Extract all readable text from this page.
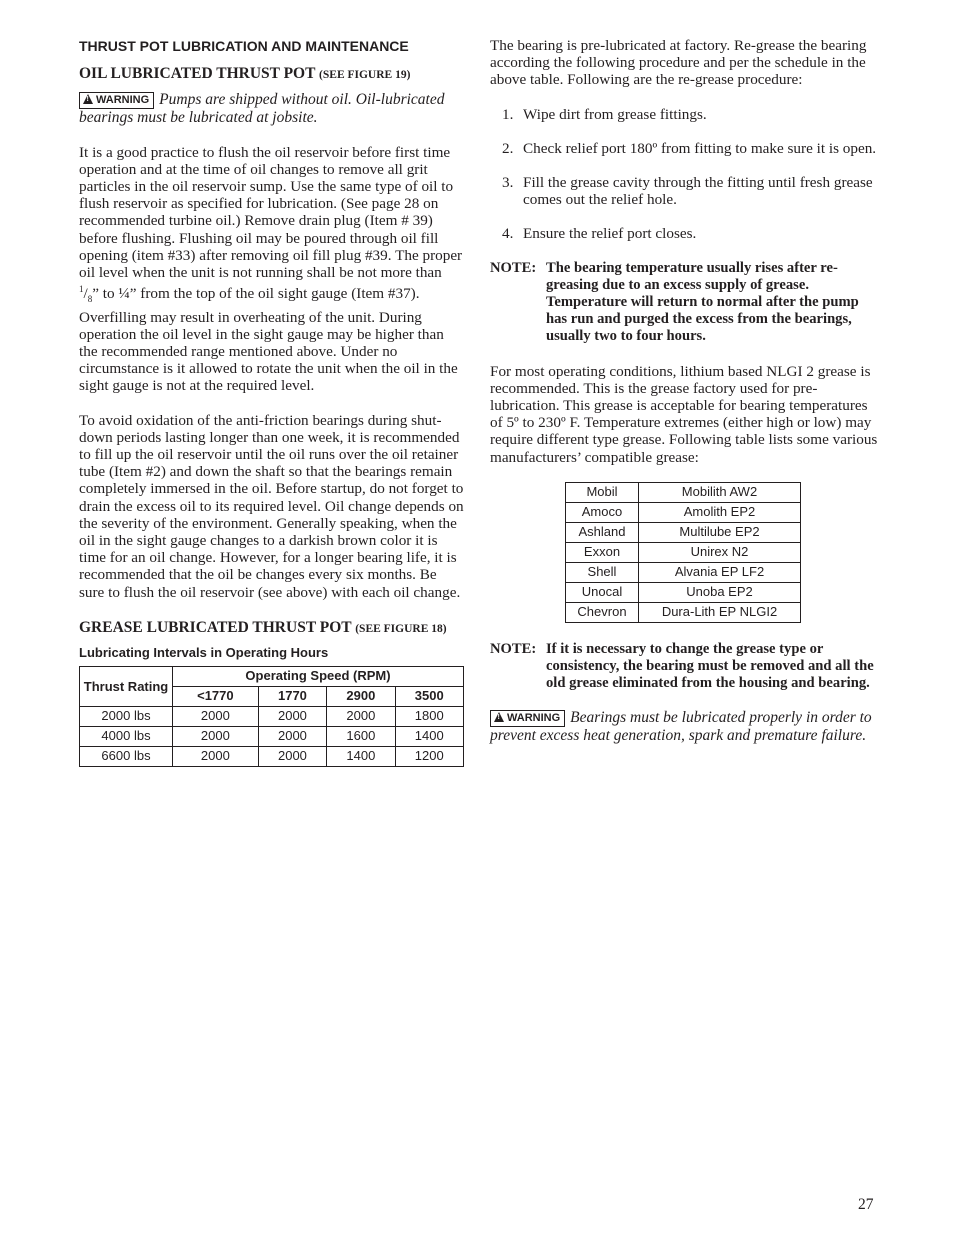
THRUST POT LUBRICATION AND MAINTENANCE
OIL LUBRICATED THRUST POT (SEE FIGURE 19)
!WARNING Pumps are shipped without oil. Oil-lubricated bearings must be lubricated at jobsite.

It is a good practice to flush the oil reservoir before first time operation and at the time of oil changes to remove all grit particles in the oil reservoir sump. Use the same type of oil to flush reservoir as specified for lubrication. (See page 28 on recommended turbine oil.) Remove drain plug (Item # 39) before flushing. Flushing oil may be poured through oil fill opening (item #33) after removing oil fill plug #39. The proper oil level when the unit is not running shall be not more than $^1/_8$” to ¼” from the top of the oil sight gauge (Item #37). Overfilling may result in overheating of the unit. During operation the oil level in the sight gauge may be higher than the recommended range mentioned above. Under no circumstance is it allowed to rotate the unit when the oil in the sight gauge is not at the required level.

To avoid oxidation of the anti-friction bearings during shut-down periods lasting longer than one week, it is recommended to fill up the oil reservoir until the oil runs over the oil retainer tube (Item #2) and down the shaft so that the bearings remain completely immersed in the oil. Before startup, do not forget to drain the excess oil to its required level. Oil change depends on the severity of the environment. Generally speaking, when the oil in the sight gauge changes to a darkish brown color it is time for an oil change. However, for a longer bearing life, it is recommended that the oil be changes every six months. Be sure to flush the oil reservoir (see above) with each oil change.

GREASE LUBRICATED THRUST POT (SEE FIGURE 18)

Lubricating Intervals in Operating Hours

Thrust Rating	Operating Speed (RPM)			
	<1770	1770	2900	3500
2000 lbs	2000	2000	2000	1800
4000 lbs	2000	2000	1600	1400
6600 lbs	2000	2000	1400	1200

The bearing is pre-lubricated at factory. Re-grease the bearing according the following procedure and per the schedule in the above table. Following are the re-grease procedure:

1. Wipe dirt from grease fittings.
2. Check relief port 180º from fitting to make sure it is open.
3. Fill the grease cavity through the fitting until fresh grease comes out the relief hole.
4. Ensure the relief port closes.
NOTE: The bearing temperature usually rises after re-greasing due to an excess supply of grease. Temperature will return to normal after the pump has run and purged the excess from the bearings, usually two to four hours.

For most operating conditions, lithium based NLGI 2 grease is recommended. This is the grease factory used for pre-lubrication. This grease is acceptable for bearing temperatures of 5º to 230º F. Temperature extremes (either high or low) may require different type grease. Following table lists some various manufacturers’ compatible grease:

Mobil	Mobilith AW2
Amoco	Amolith EP2
Ashland	Multilube EP2
Exxon	Unirex N2
Shell	Alvania EP LF2
Unocal	Unoba EP2
Chevron	Dura-Lith EP NLGI2
NOTE: If it is necessary to change the grease type or consistency, the bearing must be removed and all the old grease eliminated from the housing and bearing.
!WARNING Bearings must be lubricated properly in order to prevent excess heat generation, spark and premature failure.
27
